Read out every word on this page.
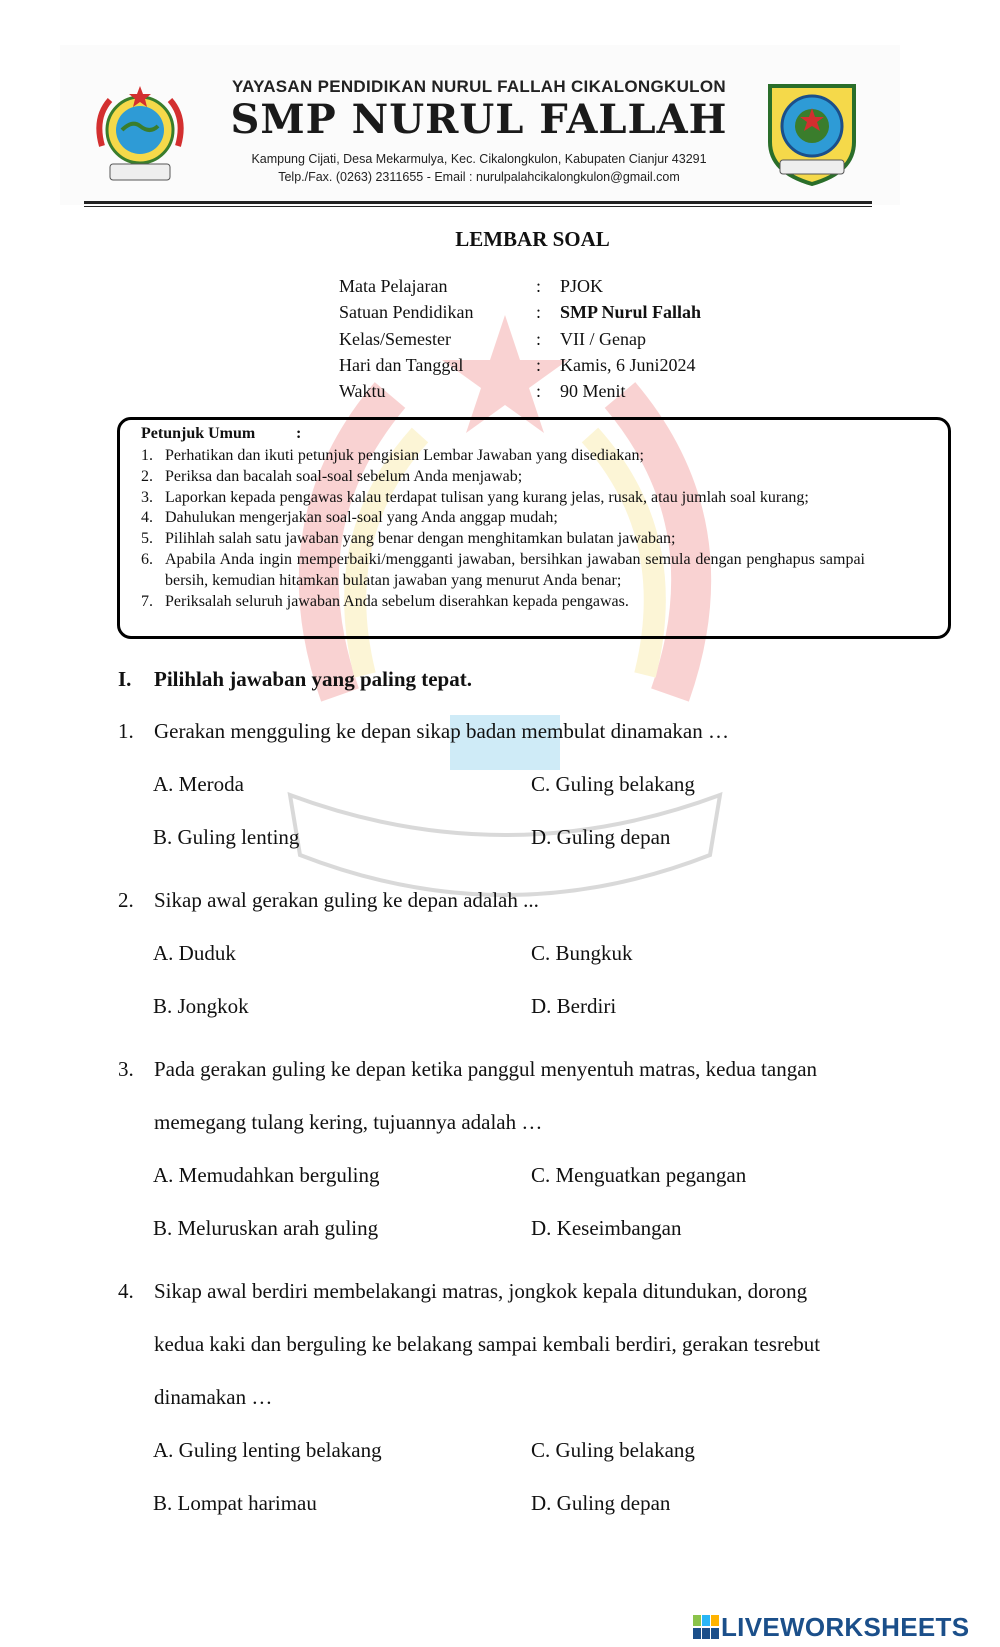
YAYASAN PENDIDIKAN NURUL FALLAH CIKALONGKULON
SMP NURUL FALLAH
Kampung Cijati, Desa Mekarmulya, Kec. Cikalongkulon, Kabupaten Cianjur 43291
Telp./Fax. (0263) 2311655 - Email : nurulpalahcikalongkulon@gmail.com
LEMBAR SOAL
Mata Pelajaran	: PJOK
Satuan Pendidikan	: SMP Nurul Fallah
Kelas/Semester	: VII / Genap
Hari dan Tanggal	: Kamis, 6 Juni2024
Waktu	: 90 Menit
Petunjuk Umum	:
1. Perhatikan dan ikuti petunjuk pengisian Lembar Jawaban yang disediakan;
2. Periksa dan bacalah soal-soal sebelum Anda menjawab;
3. Laporkan kepada pengawas kalau terdapat tulisan yang kurang jelas, rusak, atau jumlah soal kurang;
4. Dahulukan mengerjakan soal-soal yang Anda anggap mudah;
5. Pilihlah salah satu jawaban yang benar dengan menghitamkan bulatan jawaban;
6. Apabila Anda ingin memperbaiki/mengganti jawaban, bersihkan jawaban semula dengan penghapus sampai bersih, kemudian hitamkan bulatan jawaban yang menurut Anda benar;
7. Periksalah seluruh jawaban Anda sebelum diserahkan kepada pengawas.
I. Pilihlah jawaban yang paling tepat.
1. Gerakan mengguling ke depan sikap badan membulat dinamakan …
A. Meroda	C. Guling belakang
B. Guling lenting	D. Guling depan
2. Sikap awal gerakan guling ke depan adalah ...
A. Duduk	C. Bungkuk
B. Jongkok	D. Berdiri
3. Pada gerakan guling ke depan ketika panggul menyentuh matras, kedua tangan
memegang tulang kering, tujuannya adalah …
A. Memudahkan berguling	C. Menguatkan pegangan
B. Meluruskan arah guling	D. Keseimbangan
4. Sikap awal berdiri membelakangi matras, jongkok kepala ditundukan, dorong
kedua kaki dan berguling ke belakang sampai kembali berdiri, gerakan tesrebut
dinamakan …
A. Guling lenting belakang	C. Guling belakang
B. Lompat harimau	D. Guling depan
LIVEWORKSHEETS
